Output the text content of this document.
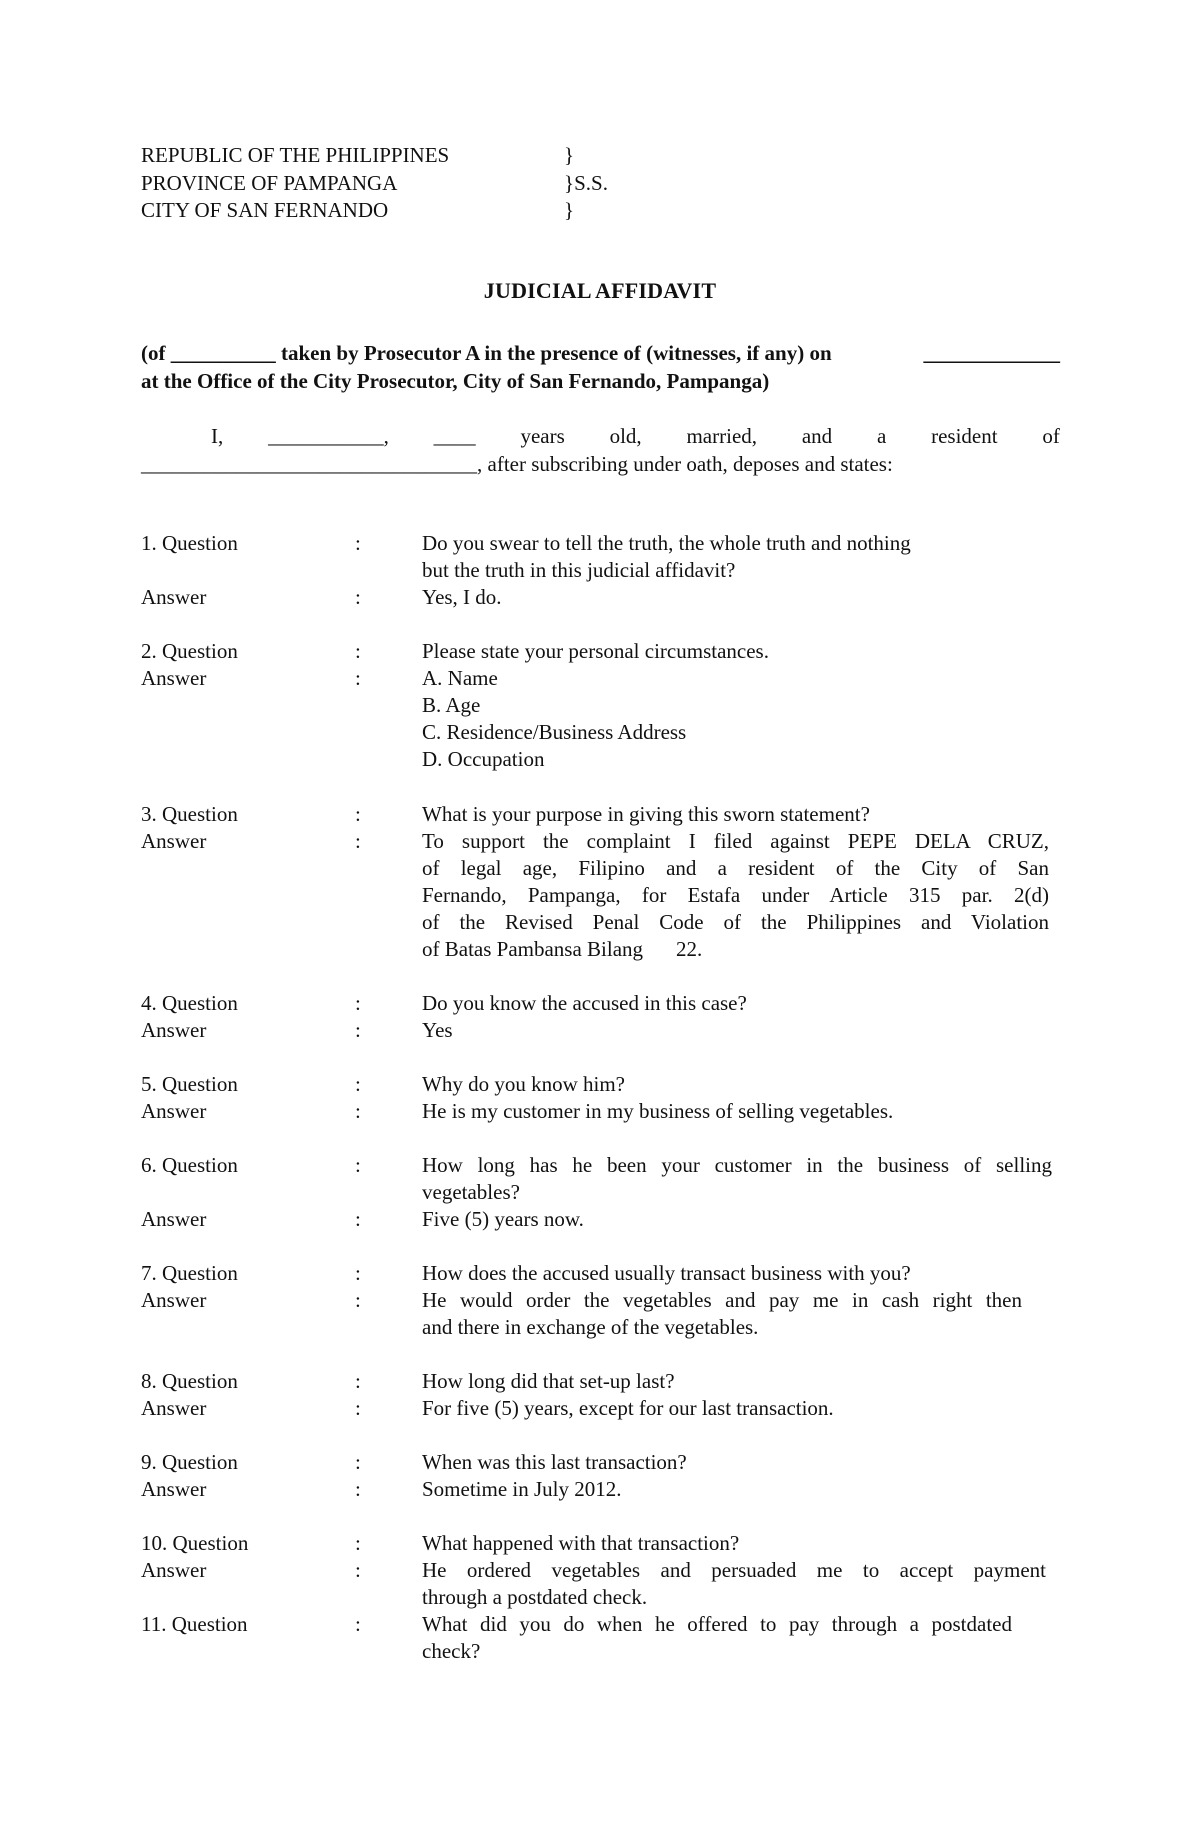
REPUBLIC OF THE PHILIPPINES	}
PROVINCE OF PAMPANGA	}S.S.
CITY OF SAN FERNANDO	}
JUDICIAL AFFIDAVIT
(of __________ taken by Prosecutor A in the presence of (witnesses, if any) on	_____________
at the Office of the City Prosecutor, City of San Fernando, Pampanga)
I, ___________, ____ years old, married, and a resident of
________________________________, after subscribing under oath, deposes and states:
1. Question	:	Do you swear to tell the truth, the whole truth and nothing
but the truth in this judicial affidavit?
Answer	:	Yes, I do.
2. Question	:	Please state your personal circumstances.
Answer	:	A. Name
B. Age
C. Residence/Business Address
D. Occupation
3. Question	:	What is your purpose in giving this sworn statement?
Answer	:	To support the complaint I filed against PEPE DELA CRUZ,
of legal age, Filipino and a resident of the City of San
Fernando, Pampanga, for Estafa under Article 315 par. 2(d)
of the Revised Penal Code of the Philippines and Violation
of Batas Pambansa Bilang 22.
4. Question	:	Do you know the accused in this case?
Answer	:	Yes
5. Question	:	Why do you know him?
Answer	:	He is my customer in my business of selling vegetables.
6. Question	:	How long has he been your customer in the business of selling
vegetables?
Answer	:	Five (5) years now.
7. Question	:	How does the accused usually transact business with you?
Answer	:	He would order the vegetables and pay me in cash right then
and there in exchange of the vegetables.
8. Question	:	How long did that set-up last?
Answer	:	For five (5) years, except for our last transaction.
9. Question	:	When was this last transaction?
Answer	:	Sometime in July 2012.
10. Question	:	What happened with that transaction?
Answer	:	He ordered vegetables and persuaded me to accept payment
through a postdated check.
11. Question	:	What did you do when he offered to pay through a postdated
check?
